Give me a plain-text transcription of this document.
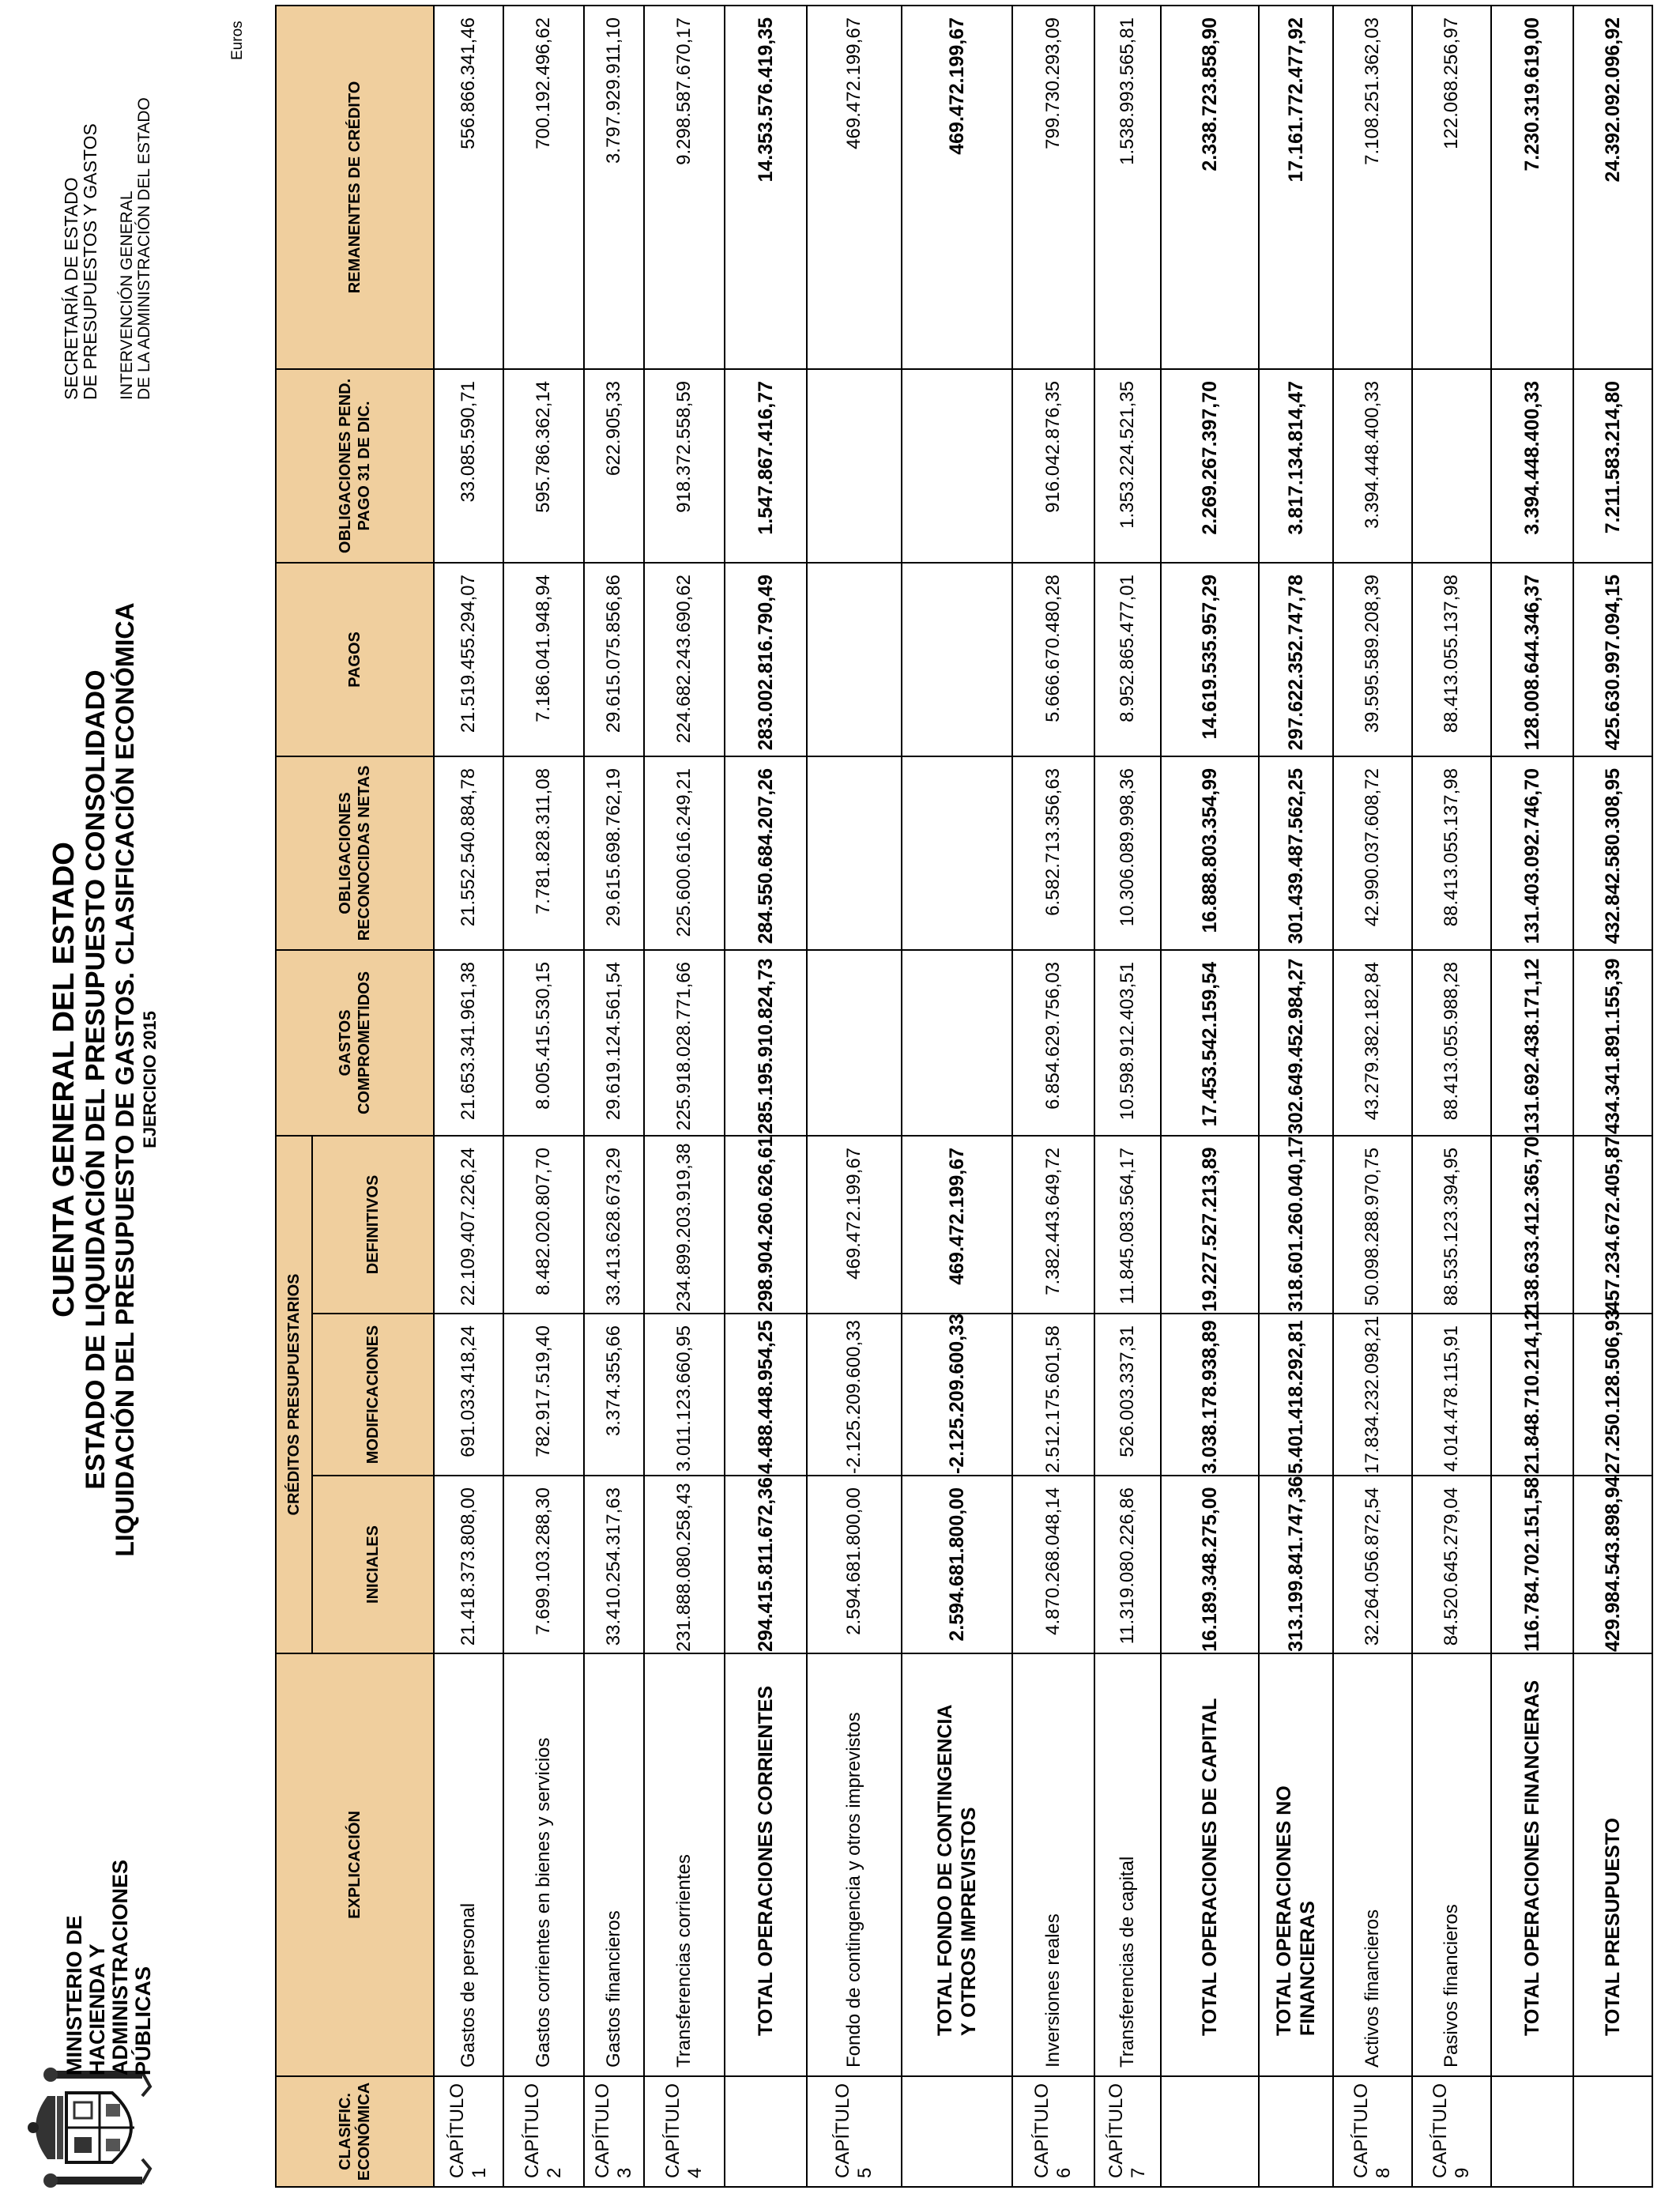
MINISTERIO DE HACIENDA Y ADMINISTRACIONES PÚBLICAS
CUENTA GENERAL DEL ESTADO ESTADO DE LIQUIDACIÓN DEL PRESUPUESTO CONSOLIDADO LIQUIDACIÓN DEL PRESUPUESTO DE GASTOS. CLASIFICACIÓN ECONÓMICA EJERCICIO 2015
SECRETARÍA DE ESTADO
DE PRESUPUESTOS Y GASTOS INTERVENCIÓN GENERAL DE LA ADMINISTRACIÓN DEL ESTADO
Euros
CLASIFIC. ECONÓMICA	EXPLICACIÓN	CRÉDITOS PRESUPUESTARIOS			GASTOS COMPROMETIDOS	OBLIGACIONES RECONOCIDAS NETAS	PAGOS	OBLIGACIONES PEND. PAGO 31 DE DIC.	REMANENTES DE CRÉDITO
		INICIALES	MODIFICACIONES	DEFINITIVOS					
CAPÍTULO 1	Gastos de personal	21.418.373.808,00	691.033.418,24	22.109.407.226,24	21.653.341.961,38	21.552.540.884,78	21.519.455.294,07	33.085.590,71	556.866.341,46
CAPÍTULO 2	Gastos corrientes en bienes y servicios	7.699.103.288,30	782.917.519,40	8.482.020.807,70	8.005.415.530,15	7.781.828.311,08	7.186.041.948,94	595.786.362,14	700.192.496,62
CAPÍTULO 3	Gastos financieros	33.410.254.317,63	3.374.355,66	33.413.628.673,29	29.619.124.561,54	29.615.698.762,19	29.615.075.856,86	622.905,33	3.797.929.911,10
CAPÍTULO 4	Transferencias corrientes	231.888.080.258,43	3.011.123.660,95	234.899.203.919,38	225.918.028.771,66	225.600.616.249,21	224.682.243.690,62	918.372.558,59	9.298.587.670,17
	TOTAL OPERACIONES CORRIENTES	294.415.811.672,36	4.488.448.954,25	298.904.260.626,61	285.195.910.824,73	284.550.684.207,26	283.002.816.790,49	1.547.867.416,77	14.353.576.419,35
CAPÍTULO 5	Fondo de contingencia y otros imprevistos	2.594.681.800,00	-2.125.209.600,33	469.472.199,67					469.472.199,67
	TOTAL FONDO DE CONTINGENCIA
Y OTROS IMPREVISTOS	2.594.681.800,00	-2.125.209.600,33	469.472.199,67					469.472.199,67
CAPÍTULO 6	Inversiones reales	4.870.268.048,14	2.512.175.601,58	7.382.443.649,72	6.854.629.756,03	6.582.713.356,63	5.666.670.480,28	916.042.876,35	799.730.293,09
CAPÍTULO 7	Transferencias de capital	11.319.080.226,86	526.003.337,31	11.845.083.564,17	10.598.912.403,51	10.306.089.998,36	8.952.865.477,01	1.353.224.521,35	1.538.993.565,81
	TOTAL OPERACIONES DE CAPITAL	16.189.348.275,00	3.038.178.938,89	19.227.527.213,89	17.453.542.159,54	16.888.803.354,99	14.619.535.957,29	2.269.267.397,70	2.338.723.858,90
	TOTAL OPERACIONES NO FINANCIERAS	313.199.841.747,36	5.401.418.292,81	318.601.260.040,17	302.649.452.984,27	301.439.487.562,25	297.622.352.747,78	3.817.134.814,47	17.161.772.477,92
CAPÍTULO 8	Activos financieros	32.264.056.872,54	17.834.232.098,21	50.098.288.970,75	43.279.382.182,84	42.990.037.608,72	39.595.589.208,39	3.394.448.400,33	7.108.251.362,03
CAPÍTULO 9	Pasivos financieros	84.520.645.279,04	4.014.478.115,91	88.535.123.394,95	88.413.055.988,28	88.413.055.137,98	88.413.055.137,98		122.068.256,97
	TOTAL OPERACIONES FINANCIERAS	116.784.702.151,58	21.848.710.214,12	138.633.412.365,70	131.692.438.171,12	131.403.092.746,70	128.008.644.346,37	3.394.448.400,33	7.230.319.619,00
	TOTAL PRESUPUESTO	429.984.543.898,94	27.250.128.506,93	457.234.672.405,87	434.341.891.155,39	432.842.580.308,95	425.630.997.094,15	7.211.583.214,80	24.392.092.096,92
